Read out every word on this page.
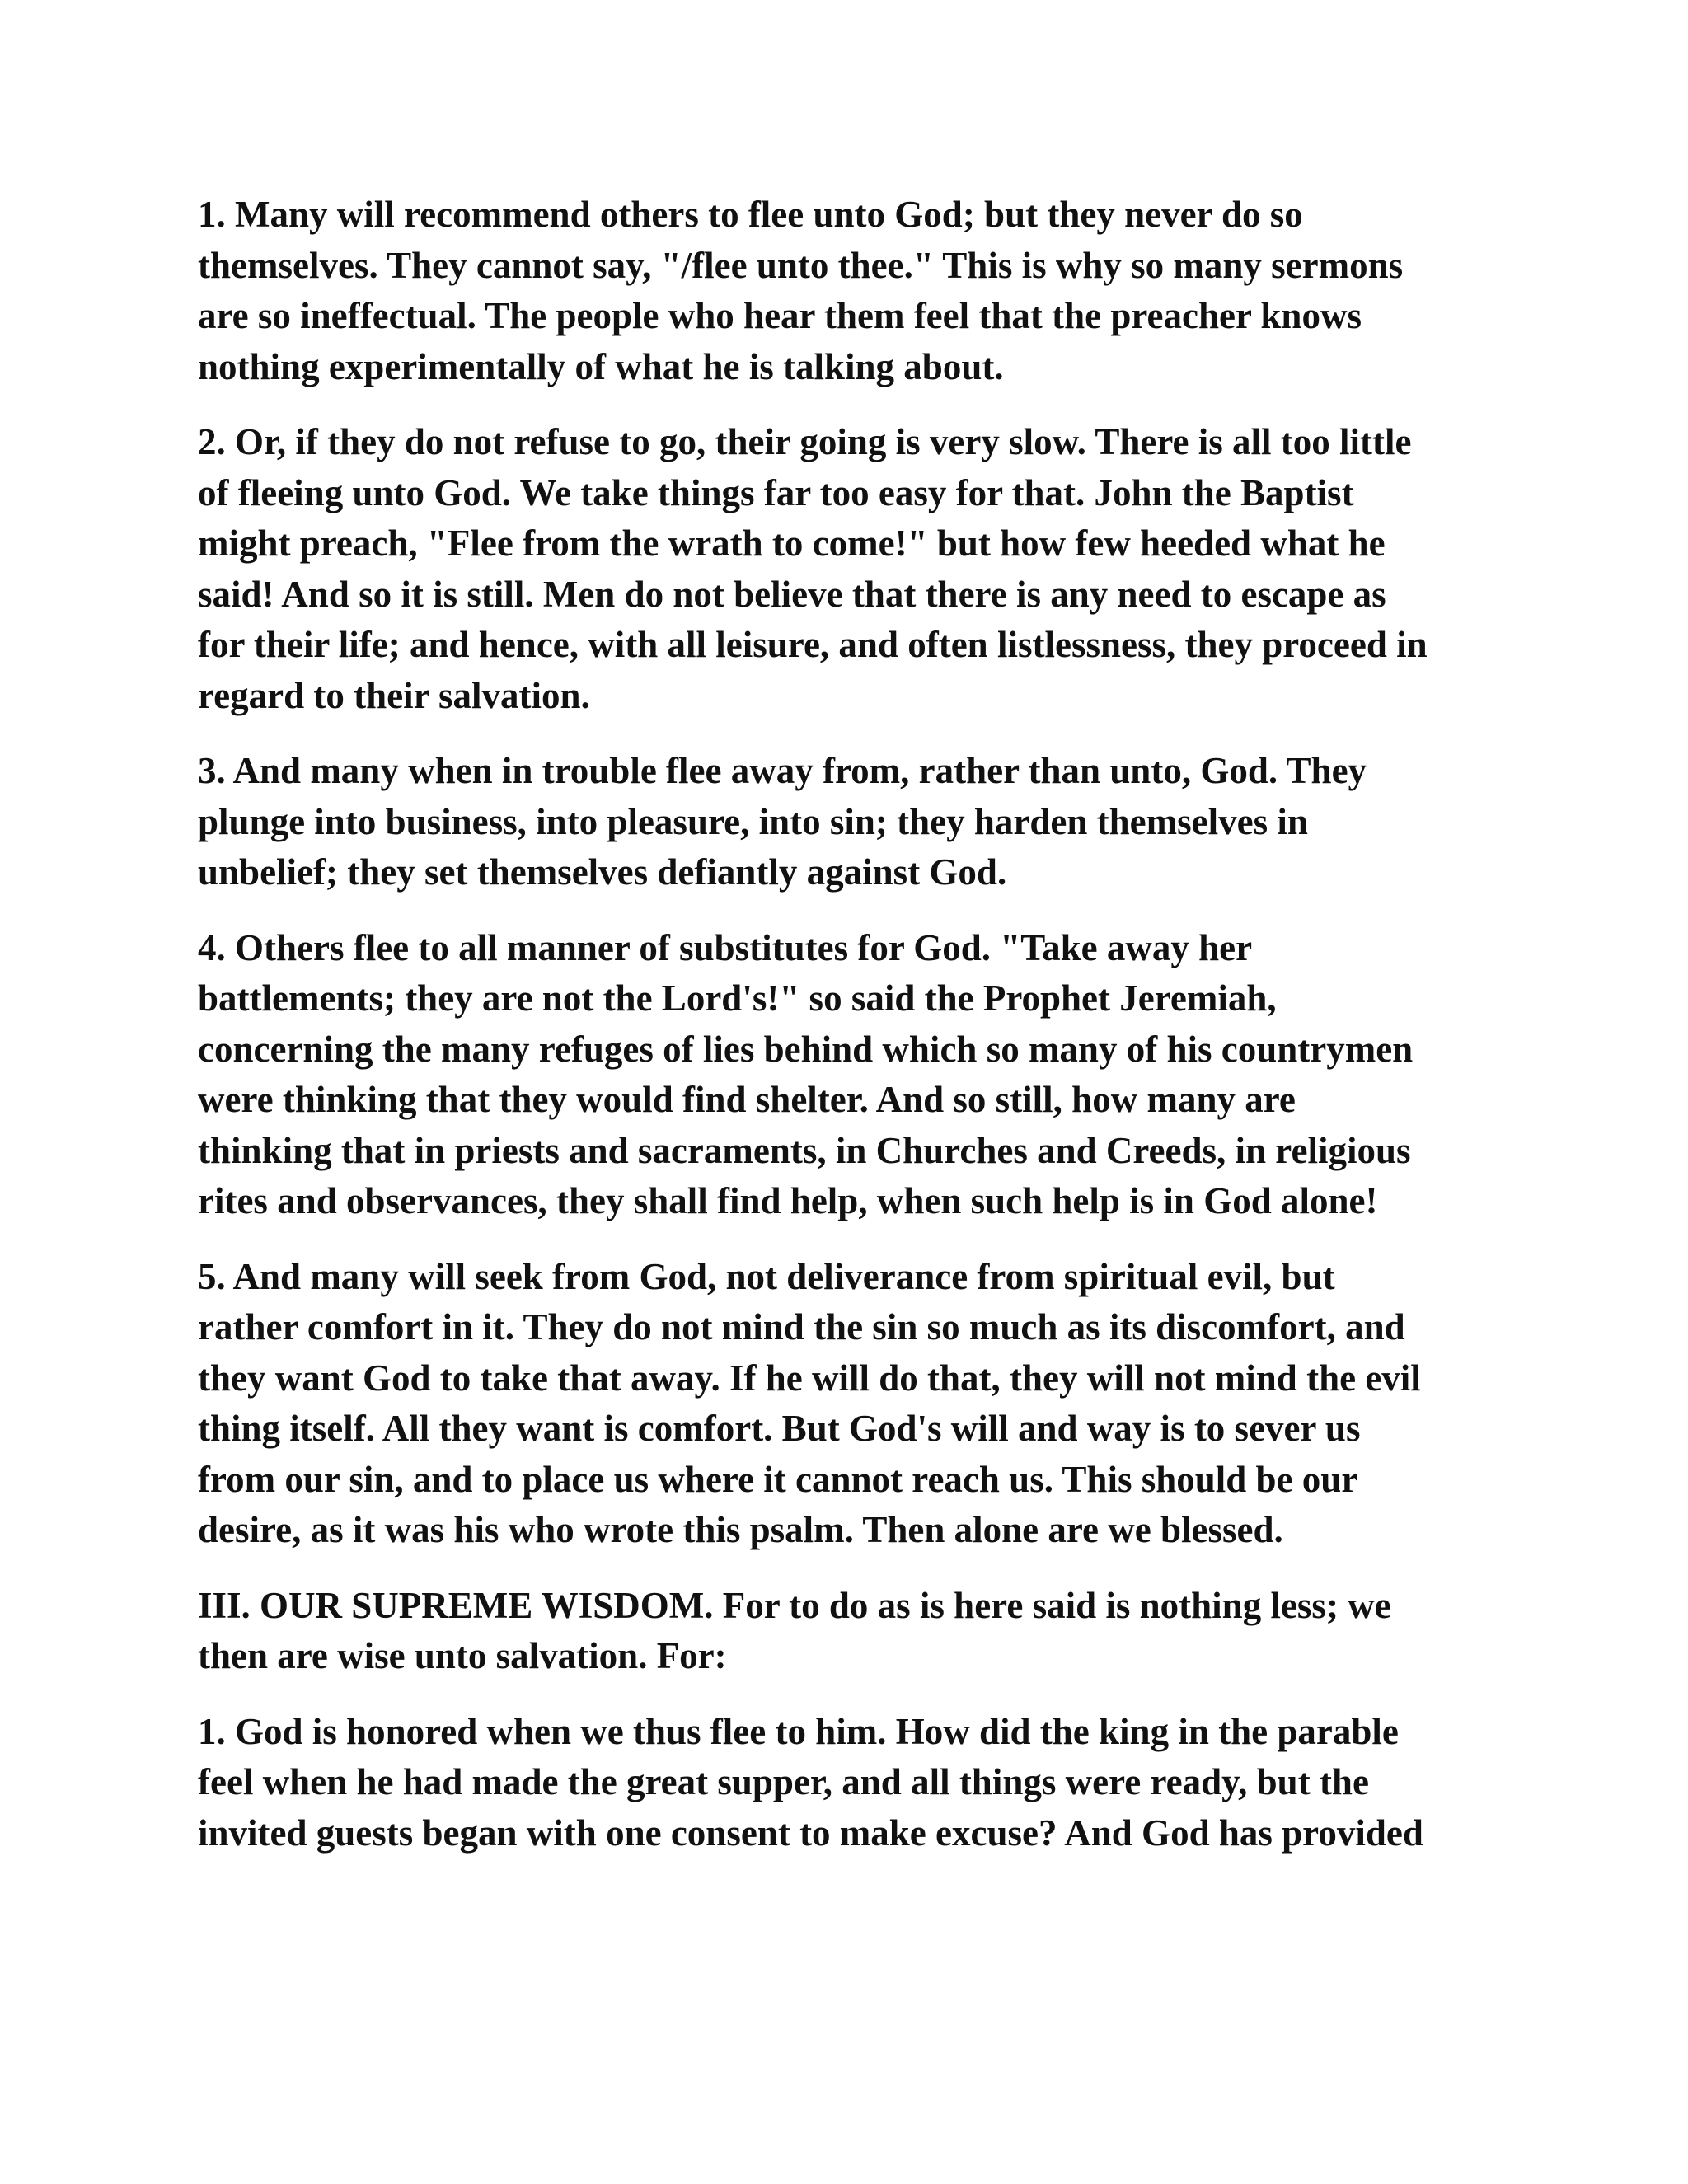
1. Many will recommend others to flee unto God; but they never do so
themselves. They cannot say, "/flee unto thee." This is why so many sermons
are so ineffectual. The people who hear them feel that the preacher knows
nothing experimentally of what he is talking about.

2. Or, if they do not refuse to go, their going is very slow. There is all too little
of fleeing unto God. We take things far too easy for that. John the Baptist
might preach, "Flee from the wrath to come!" but how few heeded what he
said! And so it is still. Men do not believe that there is any need to escape as
for their life; and hence, with all leisure, and often listlessness, they proceed in
regard to their salvation.

3. And many when in trouble flee away from, rather than unto, God. They
plunge into business, into pleasure, into sin; they harden themselves in
unbelief; they set themselves defiantly against God.

4. Others flee to all manner of substitutes for God. "Take away her
battlements; they are not the Lord's!" so said the Prophet Jeremiah,
concerning the many refuges of lies behind which so many of his countrymen
were thinking that they would find shelter. And so still, how many are
thinking that in priests and sacraments, in Churches and Creeds, in religious
rites and observances, they shall find help, when such help is in God alone!

5. And many will seek from God, not deliverance from spiritual evil, but
rather comfort in it. They do not mind the sin so much as its discomfort, and
they want God to take that away. If he will do that, they will not mind the evil
thing itself. All they want is comfort. But God's will and way is to sever us
from our sin, and to place us where it cannot reach us. This should be our
desire, as it was his who wrote this psalm. Then alone are we blessed.

III. OUR SUPREME WISDOM. For to do as is here said is nothing less; we
then are wise unto salvation. For:

1. God is honored when we thus flee to him. How did the king in the parable
feel when he had made the great supper, and all things were ready, but the
invited guests began with one consent to make excuse? And God has provided
